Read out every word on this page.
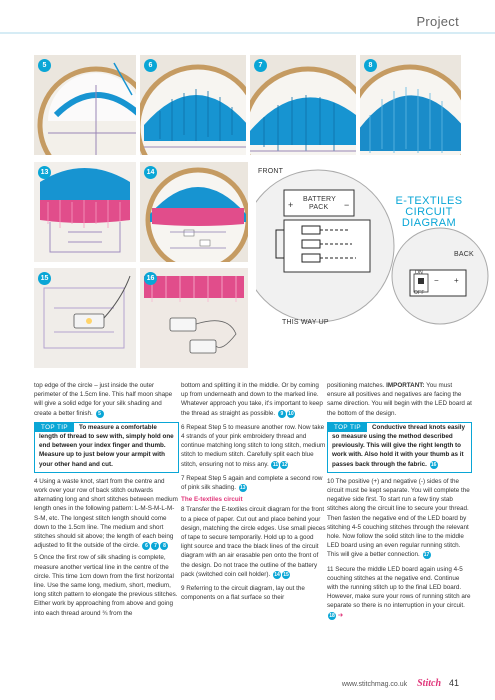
Project
5	6	7	8
13	14
15	16
FRONT
BATTERY
PACK
+	−	E-TEXTILES
CIRCUIT
DIAGRAM
BACK
ON
OFF
− +
THIS WAY UP

top edge of the circle – just inside the outer perimeter of the 1.5cm line. This half moon shape will give a solid edge for your silk shading and create a better finish. 5

TOP TIP To measure a comfortable length of thread to sew with, simply hold one end between your index finger and thumb. Measure up to just below your armpit with your other hand and cut.

4 Using a waste knot, start from the centre and work over your row of back stitch outwards alternating long and short stitches between medium length ones in the following pattern: L-M-S-M-L-M-S-M, etc. The longest stitch length should come down to the 1.5cm line. The medium and short stitches should sit above; the length of each being adjusted to fit the outside of the circle. 6 7 8

5 Once the first row of silk shading is complete, measure another vertical line in the centre of the circle. This time 1cm down from the first horizontal line. Use the same long, medium, short, medium, long stitch pattern to elongate the previous stitches. Either work by approaching from above and going into each thread around ¾ from the

bottom and splitting it in the middle. Or by coming up from underneath and down to the marked line. Whatever approach you take, it's important to keep the thread as straight as possible. 9 10

6 Repeat Step 5 to measure another row. Now take 4 strands of your pink embroidery thread and continue matching long stitch to long stitch, medium stitch to medium stitch. Carefully split each blue stitch, ensuring not to miss any. 11 12

7 Repeat Step 5 again and complete a second row of pink silk shading. 13

The E-textiles circuit

8 Transfer the E-textiles circuit diagram for the front to a piece of paper. Cut out and place behind your design, matching the circle edges. Use small pieces of tape to secure temporarily. Hold up to a good light source and trace the black lines of the circuit diagram with an air erasable pen onto the front of the design. Do not trace the outline of the battery pack (switched coin cell holder). 14 15

9 Referring to the circuit diagram, lay out the components on a flat surface so their

positioning matches. IMPORTANT: You must ensure all positives and negatives are facing the same direction. You will begin with the LED board at the bottom of the design.

TOP TIP Conductive thread knots easily so measure using the method described previously. This will give the right length to work with. Also hold it with your thumb as it passes back through the fabric. 16

10 The positive (+) and negative (-) sides of the circuit must be kept separate. You will complete the negative side first. To start run a few tiny stab stitches along the circuit line to secure your thread. Then fasten the negative end of the LED board by stitching 4-5 couching stitches through the relevant hole. Now follow the solid stitch line to the middle LED board using an even regular running stitch. This will give a better connection. 17

11 Secure the middle LED board again using 4-5 couching stitches at the negative end. Continue with the running stitch up to the final LED board. However, make sure your rows of running stitch are separate so there is no interruption in your circuit. 18 ➜

www.stitchmag.co.uk Stitch 41
